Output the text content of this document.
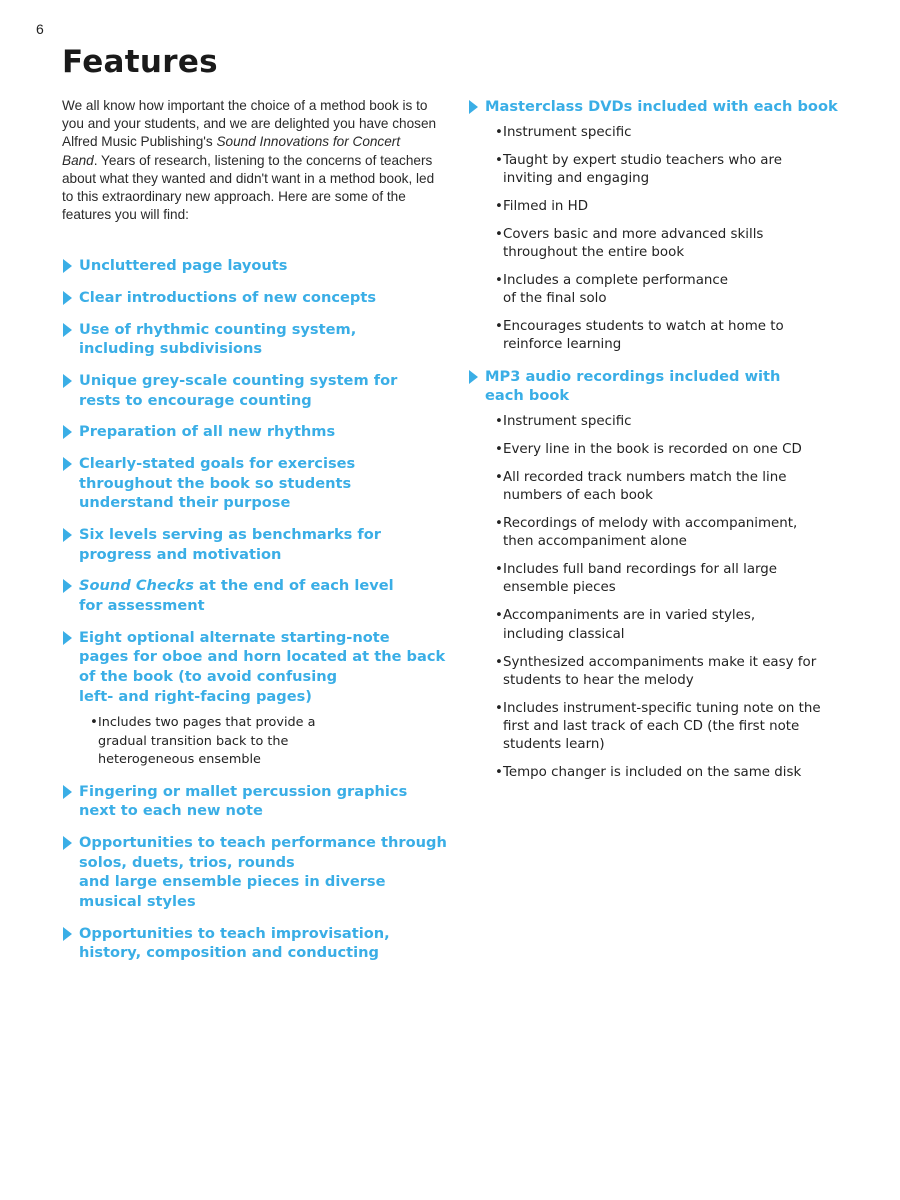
6
Features
We all know how important the choice of a method book is to you and your students, and we are delighted you have chosen Alfred Music Publishing's Sound Innovations for Concert Band. Years of research, listening to the concerns of teachers about what they wanted and didn't want in a method book, led to this extraordinary new approach. Here are some of the features you will find:
Uncluttered page layouts
Clear introductions of new concepts
Use of rhythmic counting system,
including subdivisions
Unique grey-scale counting system for
rests to encourage counting
Preparation of all new rhythms
Clearly-stated goals for exercises
throughout the book so students
understand their purpose
Six levels serving as benchmarks for
progress and motivation
Sound Checks at the end of each level
for assessment
Eight optional alternate starting-note
pages for oboe and horn located at the back
of the book (to avoid confusing
left- and right-facing pages)
• Includes two pages that provide a
gradual transition back to the
heterogeneous ensemble
Fingering or mallet percussion graphics
next to each new note
Opportunities to teach performance through
solos, duets, trios, rounds
and large ensemble pieces in diverse
musical styles
Opportunities to teach improvisation,
history, composition and conducting
Masterclass DVDs included with each book
• Instrument specific
• Taught by expert studio teachers who are
inviting and engaging
• Filmed in HD
• Covers basic and more advanced skills
throughout the entire book
• Includes a complete performance
of the final solo
• Encourages students to watch at home to
reinforce learning
MP3 audio recordings included with
each book
• Instrument specific
• Every line in the book is recorded on one CD
• All recorded track numbers match the line
numbers of each book
• Recordings of melody with accompaniment,
then accompaniment alone
• Includes full band recordings for all large
ensemble pieces
• Accompaniments are in varied styles,
including classical
• Synthesized accompaniments make it easy for
students to hear the melody
• Includes instrument-specific tuning note on the
first and last track of each CD (the first note
students learn)
• Tempo changer is included on the same disk
